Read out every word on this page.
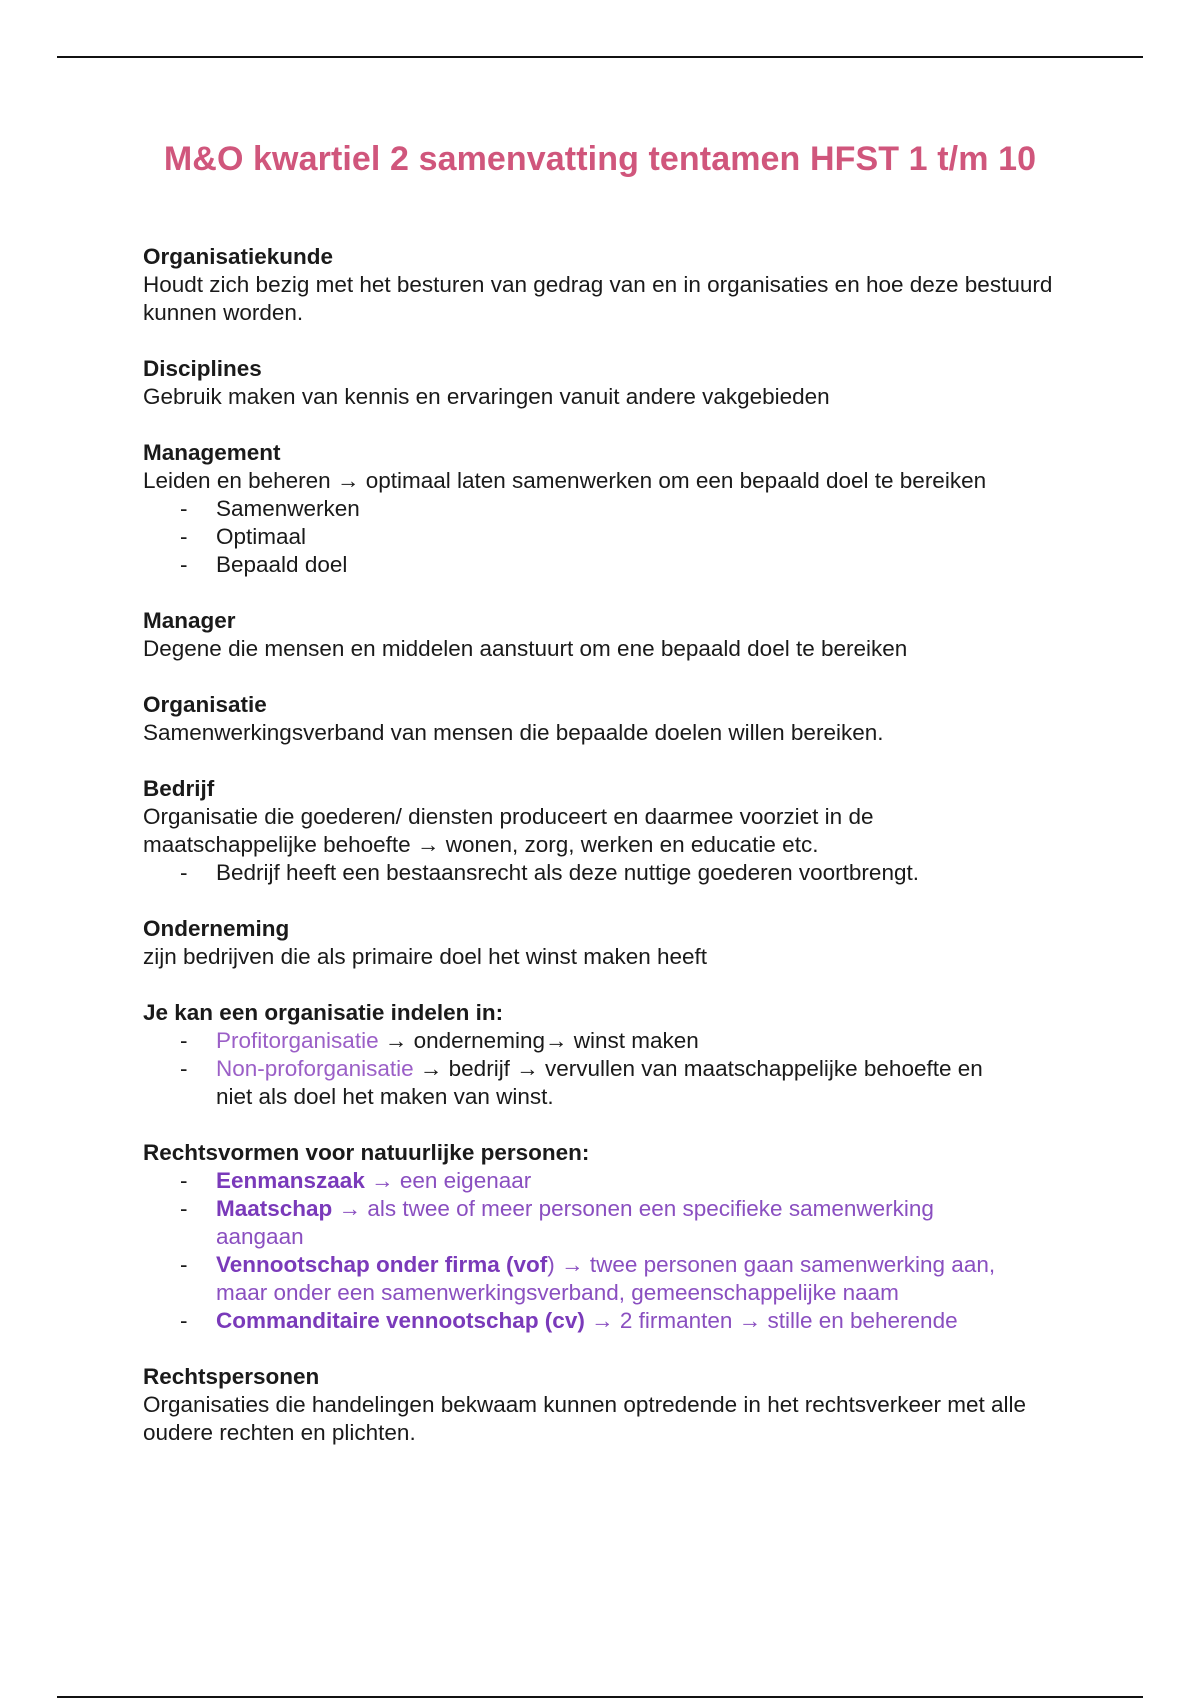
M&O kwartiel 2 samenvatting tentamen HFST 1 t/m 10
Organisatiekunde
Houdt zich bezig met het besturen van gedrag van en in organisaties en hoe deze bestuurd kunnen worden.
Disciplines
Gebruik maken van kennis en ervaringen vanuit andere vakgebieden
Management
Leiden en beheren → optimaal laten samenwerken om een bepaald doel te bereiken
- Samenwerken
- Optimaal
- Bepaald doel
Manager
Degene die mensen en middelen aanstuurt om ene bepaald doel te bereiken
Organisatie
Samenwerkingsverband van mensen die bepaalde doelen willen bereiken.
Bedrijf
Organisatie die goederen/ diensten produceert en daarmee voorziet in de
maatschappelijke behoefte → wonen, zorg, werken en educatie etc.
- Bedrijf heeft een bestaansrecht als deze nuttige goederen voortbrengt.
Onderneming
zijn bedrijven die als primaire doel het winst maken heeft
Je kan een organisatie indelen in:
- Profitorganisatie → onderneming→ winst maken
- Non-proforganisatie → bedrijf → vervullen van maatschappelijke behoefte en
niet als doel het maken van winst.
Rechtsvormen voor natuurlijke personen:
- Eenmanszaak → een eigenaar
- Maatschap → als twee of meer personen een specifieke samenwerking
aangaan
- Vennootschap onder firma (vof) → twee personen gaan samenwerking aan,
maar onder een samenwerkingsverband, gemeenschappelijke naam
- Commanditaire vennootschap (cv) → 2 firmanten → stille en beherende
Rechtspersonen
Organisaties die handelingen bekwaam kunnen optredende in het rechtsverkeer met alle oudere rechten en plichten.
